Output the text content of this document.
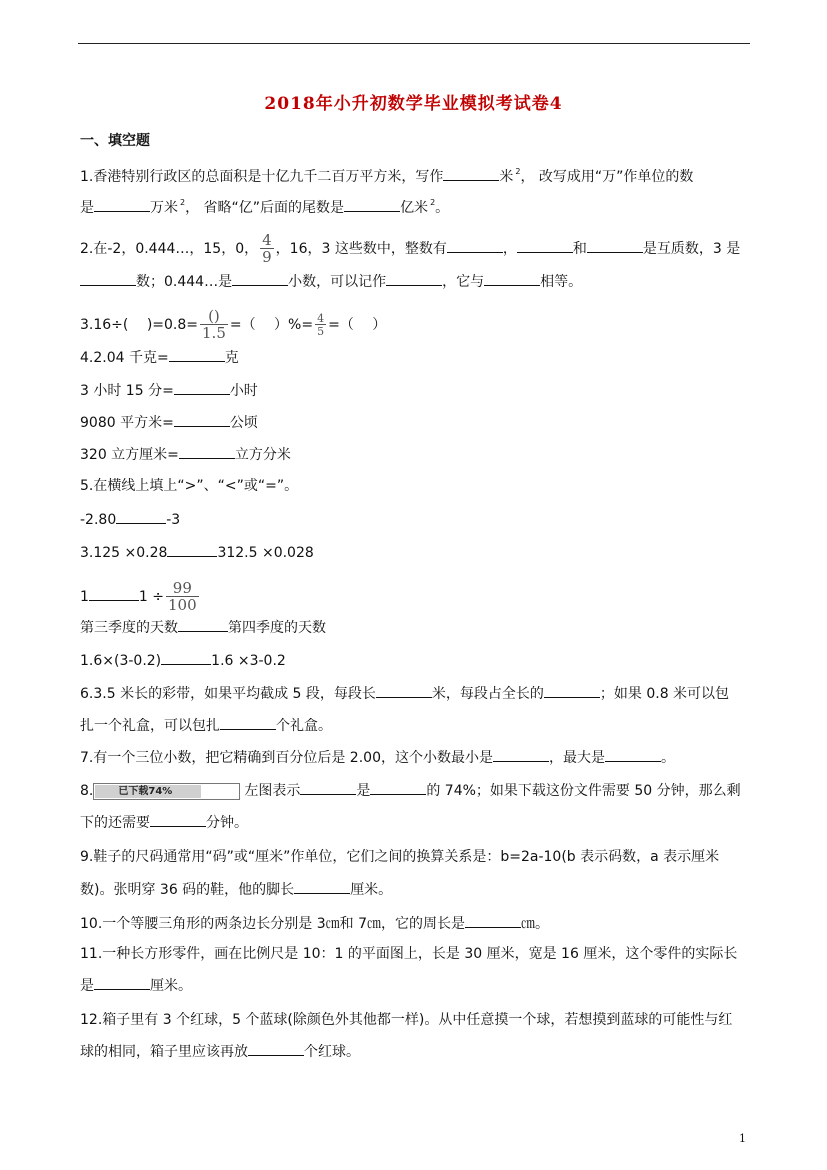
2018年小升初数学毕业模拟考试卷4
一、填空题
1.香港特别行政区的总面积是十亿九千二百万平方米，写作	米 $^2$， 改写成用“万”作单位的数
是	万米 $^2$， 省略“亿”后面的尾数是	亿米 $^2$。
2.在-2，0.444…，15，0， $\frac{4}{9}$ ，16，3 这些数中，整数有	，	和	是互质数，3 是
数；0.444…是	小数，可以记作	，它与	相等。
3.16÷(　 )$=0.8= \frac{()}{1.5}$ =（　 ）%= $\frac{4}{5}$ =（　 ）
4.2.04 千克=	克
3 小时 15 分=	小时
9080 平方米=	公顷
320 立方厘米=	立方分米
5.在横线上填上“>”、“<”或“=”。
-2.80	-3
3.125 ×0.28	312.5 ×0.028
1	$1 \div \frac{99}{100}$
第三季度的天数	第四季度的天数
1.6×(3-0.2)	1.6 ×3-0.2
6.3.5 米长的彩带，如果平均截成 5 段，每段长	米，每段占全长的	；如果 0.8 米可以包
扎一个礼盒，可以包扎	个礼盒。
7.有一个三位小数，把它精确到百分位后是 2.00，这个小数最小是	，最大是	。
8.	已下载74%	左图表示	是	的 74%；如果下载这份文件需要 50 分钟，那么剩
下的还需要	分钟。
9.鞋子的尺码通常用“码”或“厘米”作单位，它们之间的换算关系是：b=2a-10(b 表示码数，a 表示厘米
数)。张明穿 36 码的鞋，他的脚长	厘米。
10.一个等腰三角形的两条边长分别是 3㎝和 7㎝，它的周长是	㎝。
11.一种长方形零件，画在比例尺是 10：1 的平面图上，长是 30 厘米，宽是 16 厘米，这个零件的实际长
是	厘米。
12.箱子里有 3 个红球，5 个蓝球(除颜色外其他都一样)。从中任意摸一个球，若想摸到蓝球的可能性与红
球的相同，箱子里应该再放	个红球。
1
